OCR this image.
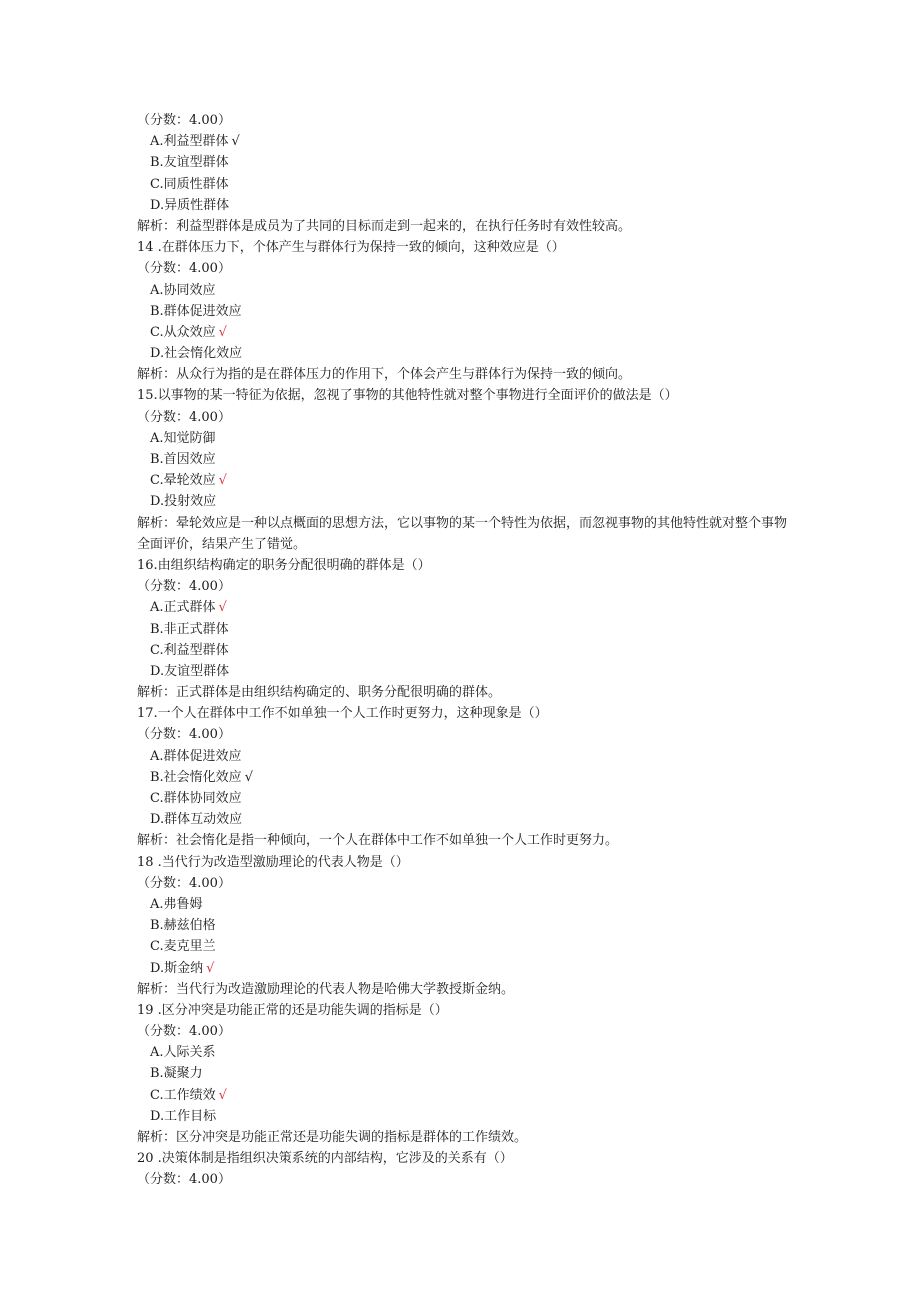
（分数：4.00）
A.利益型群体 √
B.友谊型群体
C.同质性群体
D.异质性群体
解析：利益型群体是成员为了共同的目标而走到一起来的，在执行任务时有效性较高。
14 .在群体压力下，个体产生与群体行为保持一致的倾向，这种效应是（）
（分数：4.00）
A.协同效应
B.群体促进效应
C.从众效应 √
D.社会惰化效应
解析：从众行为指的是在群体压力的作用下，个体会产生与群体行为保持一致的倾向。
15.以事物的某一特征为依据，忽视了事物的其他特性就对整个事物进行全面评价的做法是（）
（分数：4.00）
A.知觉防御
B.首因效应
C.晕轮效应 √
D.投射效应
解析：晕轮效应是一种以点概面的思想方法，它以事物的某一个特性为依据，而忽视事物的其他特性就对整个事物全面评价，结果产生了错觉。
16.由组织结构确定的职务分配很明确的群体是（）
（分数：4.00）
A.正式群体 √
B.非正式群体
C.利益型群体
D.友谊型群体
解析：正式群体是由组织结构确定的、职务分配很明确的群体。
17.一个人在群体中工作不如单独一个人工作时更努力，这种现象是（）
（分数：4.00）
A.群体促进效应
B.社会惰化效应 √
C.群体协同效应
D.群体互动效应
解析：社会惰化是指一种倾向，一个人在群体中工作不如单独一个人工作时更努力。
18 .当代行为改造型激励理论的代表人物是（）
（分数：4.00）
A.弗鲁姆
B.赫兹伯格
C.麦克里兰
D.斯金纳 √
解析：当代行为改造激励理论的代表人物是哈佛大学教授斯金纳。
19 .区分冲突是功能正常的还是功能失调的指标是（）
（分数：4.00）
A.人际关系
B.凝聚力
C.工作绩效 √
D.工作目标
解析：区分冲突是功能正常还是功能失调的指标是群体的工作绩效。
20 .决策体制是指组织决策系统的内部结构，它涉及的关系有（）
（分数：4.00）
